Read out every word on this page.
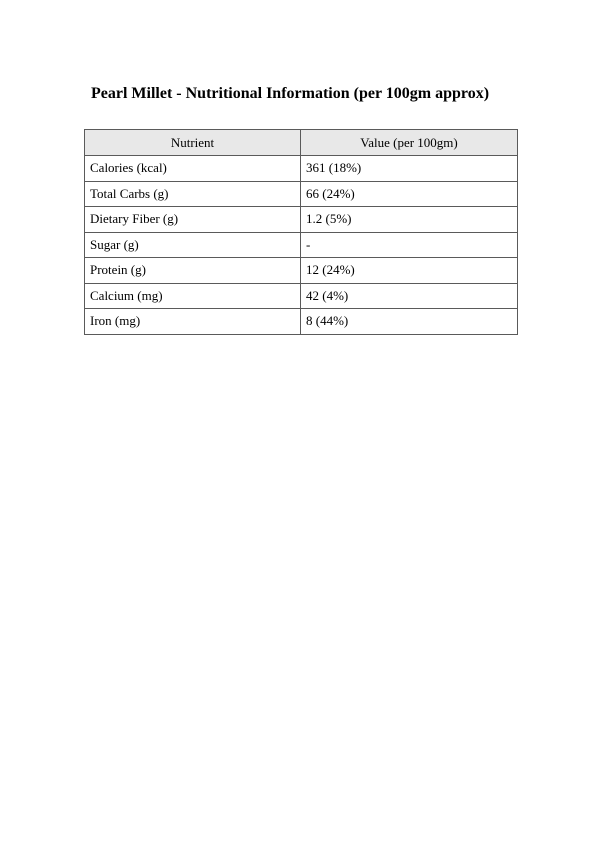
Pearl Millet - Nutritional Information (per 100gm approx)
Nutrient	Value (per 100gm)
Calories (kcal)	361 (18%)
Total Carbs (g)	66 (24%)
Dietary Fiber (g)	1.2 (5%)
Sugar (g)	-
Protein (g)	12 (24%)
Calcium (mg)	42 (4%)
Iron (mg)	8 (44%)
